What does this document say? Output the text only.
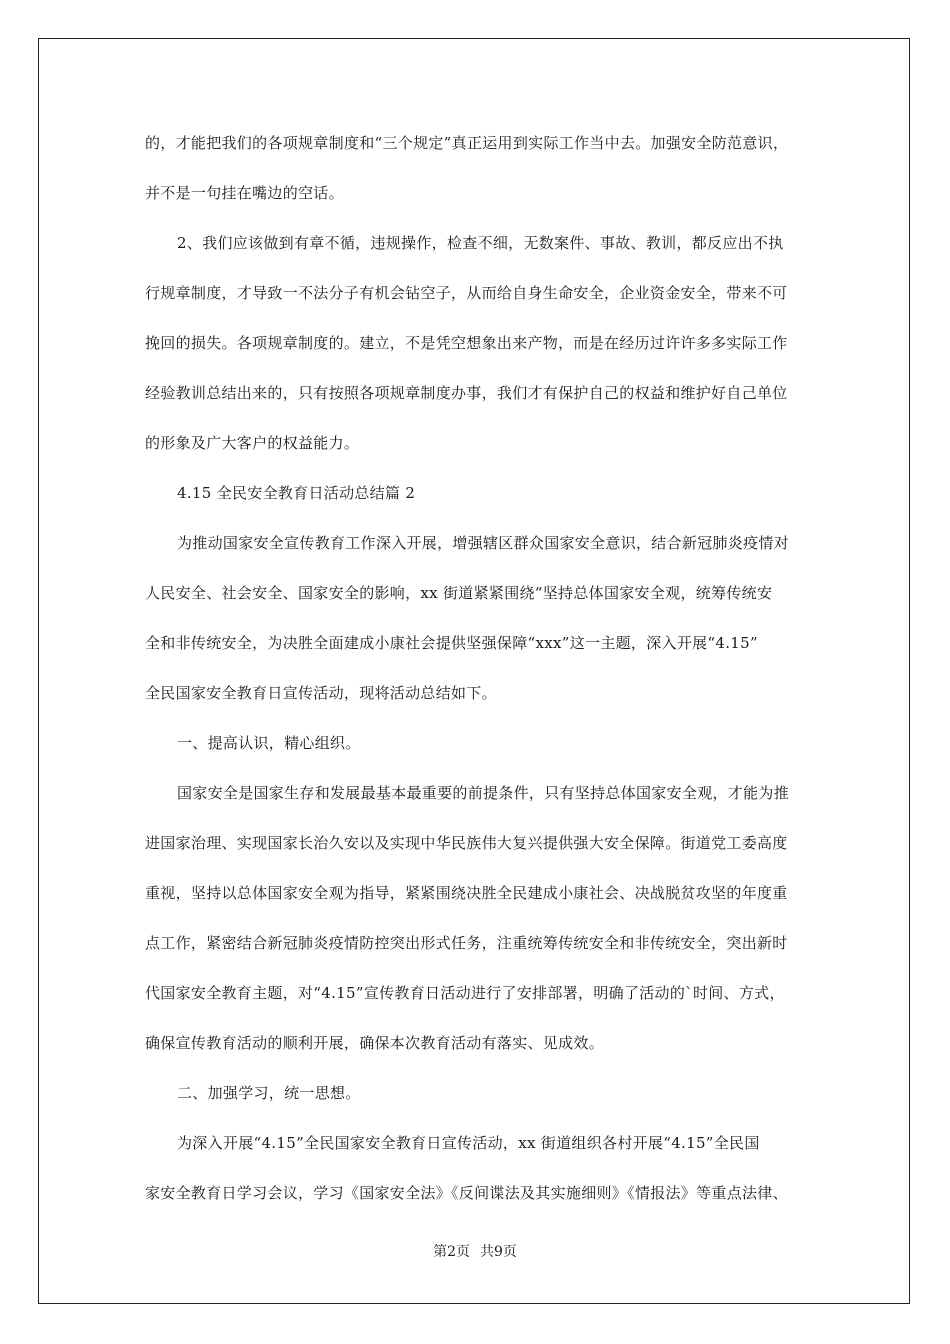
的，才能把我们的各项规章制度和“三个规定”真正运用到实际工作当中去。加强安全防范意识，
并不是一句挂在嘴边的空话。
2、我们应该做到有章不循，违规操作，检查不细，无数案件、事故、教训，都反应出不执
行规章制度，才导致一不法分子有机会钻空子，从而给自身生命安全，企业资金安全，带来不可
挽回的损失。各项规章制度的。建立，不是凭空想象出来产物，而是在经历过许许多多实际工作
经验教训总结出来的，只有按照各项规章制度办事，我们才有保护自己的权益和维护好自己单位
的形象及广大客户的权益能力。
4.15 全民安全教育日活动总结篇 2
为推动国家安全宣传教育工作深入开展，增强辖区群众国家安全意识，结合新冠肺炎疫情对
人民安全、社会安全、国家安全的影响，xx 街道紧紧围绕“坚持总体国家安全观，统筹传统安
全和非传统安全，为决胜全面建成小康社会提供坚强保障“xxx”这一主题，深入开展“4.15”
全民国家安全教育日宣传活动，现将活动总结如下。
一、提高认识，精心组织。
国家安全是国家生存和发展最基本最重要的前提条件，只有坚持总体国家安全观，才能为推
进国家治理、实现国家长治久安以及实现中华民族伟大复兴提供强大安全保障。街道党工委高度
重视，坚持以总体国家安全观为指导，紧紧围绕决胜全民建成小康社会、决战脱贫攻坚的年度重
点工作，紧密结合新冠肺炎疫情防控突出形式任务，注重统筹传统安全和非传统安全，突出新时
代国家安全教育主题，对“4.15”宣传教育日活动进行了安排部署，明确了活动的`时间、方式，
确保宣传教育活动的顺利开展，确保本次教育活动有落实、见成效。
二、加强学习，统一思想。
为深入开展“4.15”全民国家安全教育日宣传活动，xx 街道组织各村开展“4.15”全民国
家安全教育日学习会议，学习《国家安全法》《反间谍法及其实施细则》《情报法》等重点法律、
第2页 共9页
